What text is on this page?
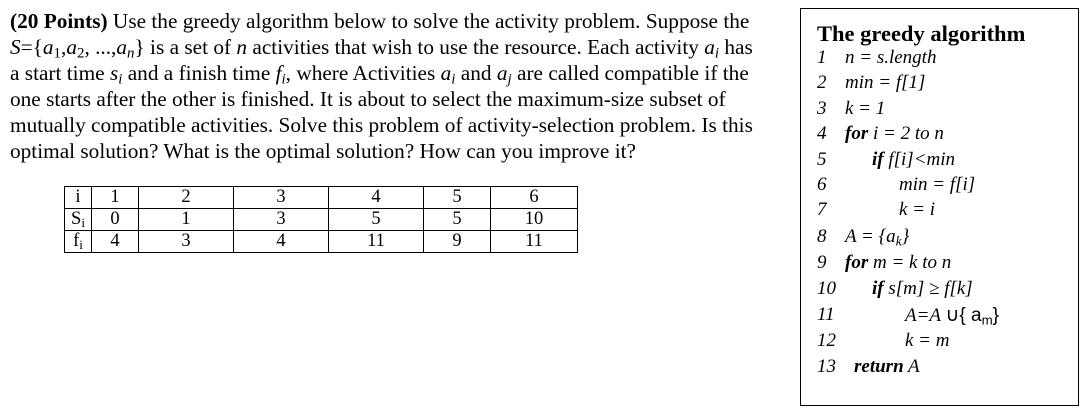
(20 Points) Use the greedy algorithm below to solve the activity problem. Suppose the
$S=\{a_1,a_2$, $...,a_n$} is a set of n activities that wish to use the resource. Each activity $a_i$ has
a start time $s_i$ and a finish time $f_i$, where Activities $a_i$ and $a_j$ are called compatible if the
one starts after the other is finished. It is about to select the maximum-size subset of
mutually compatible activities. Solve this problem of activity-selection problem. Is this
optimal solution? What is the optimal solution? How can you improve it?
i	1	2	3	4	5	6
$S_i$	0	1	3	5	5	10
$f_i$	4	3	4	11	9	11
The greedy algorithm
1 n = s.length
2 min = f[1]
3 k = 1
4 for i = 2 to n
5 if f[i]<min
6	min = f[i]
7	k = i
8 $A = \{a_k\}$
9 for m = k to n
10 if s[m] ≥ f[k]
11	A=A ∪{ $a_m$}
12	k = m
13 return A
